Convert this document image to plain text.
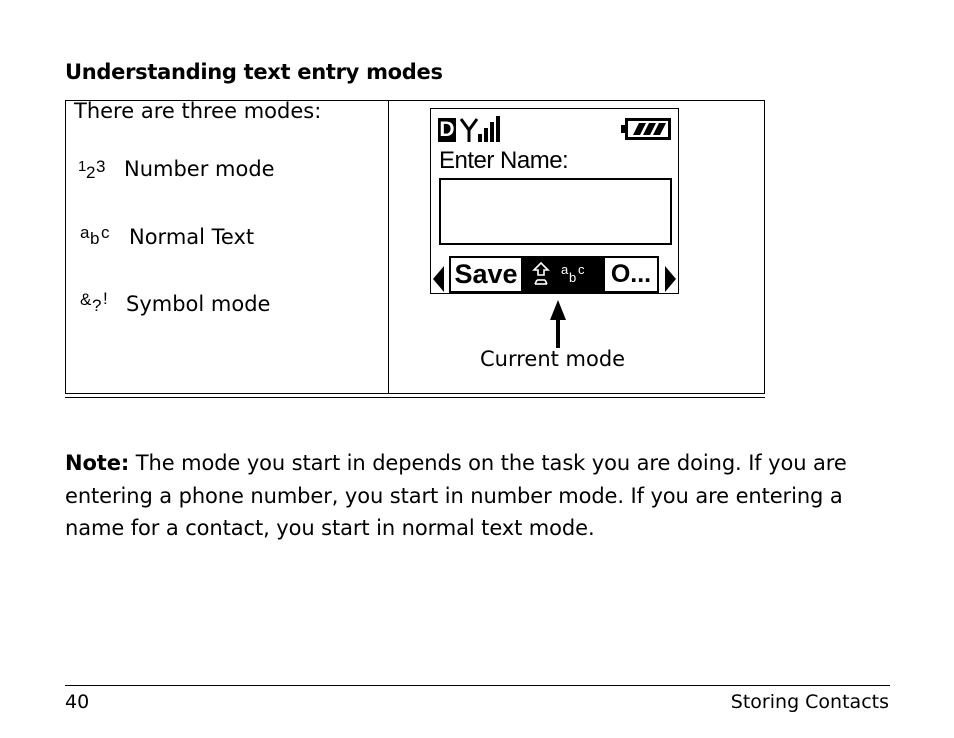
Understanding text entry modes
There are three modes:
1 2 3 Number mode
a b c Normal Text
& ? ! Symbol mode
D
Enter Name:
Save	a
b
c	O...
Current mode
Note: The mode you start in depends on the task you are doing. If you are entering a phone number, you start in number mode. If you are entering a name for a contact, you start in normal text mode.
40	Storing Contacts
